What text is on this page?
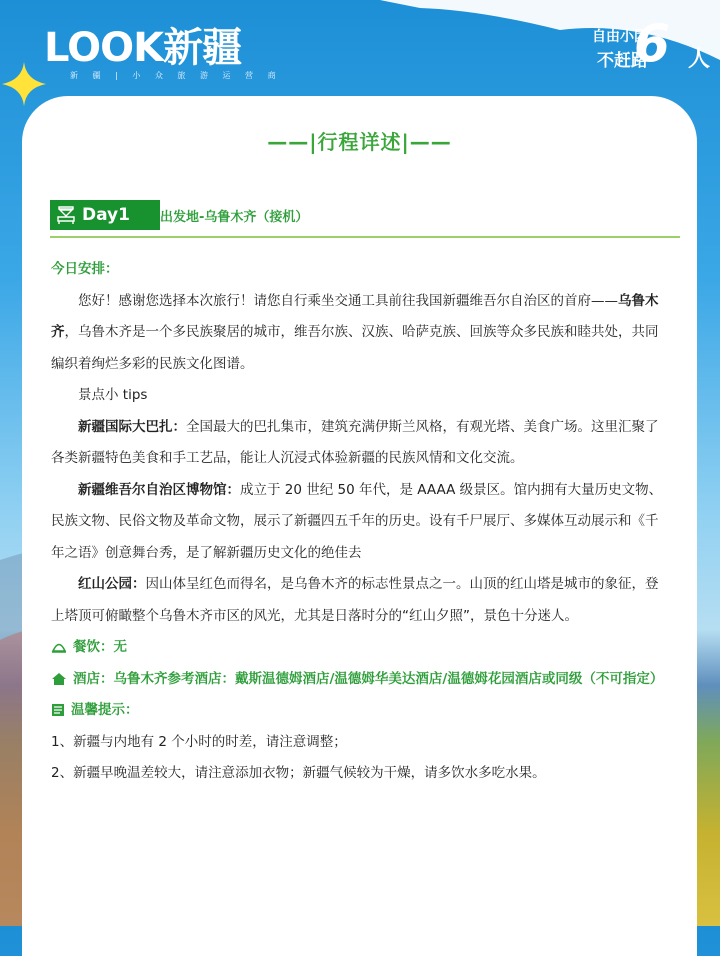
LOOK新疆
新 疆 | 小 众 旅 游 运 营 商
自由小团
不赶路
6 人
——|行程详述|——
Day1 出发地-乌鲁木齐（接机）

今日安排：

您好！感谢您选择本次旅行！请您自行乘坐交通工具前往我国新疆维吾尔自治区的首府——乌鲁木齐，乌鲁木齐是一个多民族聚居的城市，维吾尔族、汉族、哈萨克族、回族等众多民族和睦共处，共同编织着绚烂多彩的民族文化图谱。

景点小 tips

新疆国际大巴扎：全国最大的巴扎集市，建筑充满伊斯兰风格，有观光塔、美食广场。这里汇聚了各类新疆特色美食和手工艺品，能让人沉浸式体验新疆的民族风情和文化交流。

新疆维吾尔自治区博物馆：成立于 20 世纪 50 年代，是 AAAA 级景区。馆内拥有大量历史文物、民族文物、民俗文物及革命文物，展示了新疆四五千年的历史。设有千尸展厅、多媒体互动展示和《千年之语》创意舞台秀，是了解新疆历史文化的绝佳去

红山公园：因山体呈红色而得名，是乌鲁木齐的标志性景点之一。山顶的红山塔是城市的象征，登上塔顶可俯瞰整个乌鲁木齐市区的风光，尤其是日落时分的“红山夕照”，景色十分迷人。

餐饮：无

酒店：乌鲁木齐参考酒店：戴斯温德姆酒店/温德姆华美达酒店/温德姆花园酒店或同级（不可指定）

温馨提示：

1、新疆与内地有 2 个小时的时差，请注意调整；

2、新疆早晚温差较大，请注意添加衣物；新疆气候较为干燥，请多饮水多吃水果。
